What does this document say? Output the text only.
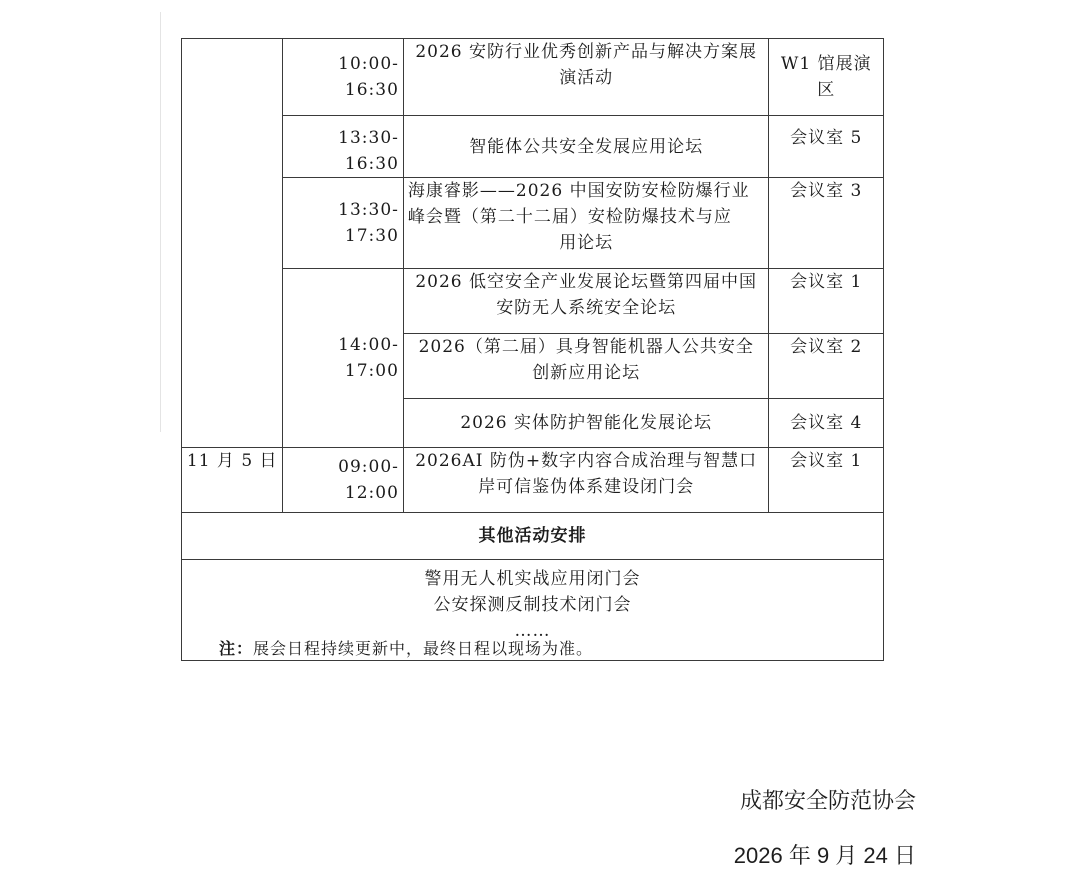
	10:00-16:30	2026 安防行业优秀创新产品与解决方案展
演活动	W1 馆展演区
	13:30-16:30	智能体公共安全发展应用论坛	会议室 5
	13:30-17:30	海康睿影——2026 中国安防安检防爆行业
峰会暨（第二十二届）安检防爆技术与应
用论坛	会议室 3
	14:00-17:00	2026 低空安全产业发展论坛暨第四届中国
安防无人系统安全论坛	会议室 1

		2026（第二届）具身智能机器人公共安全
创新应用论坛	会议室 2

		2026 实体防护智能化发展论坛	会议室 4
11 月 5 日	09:00-12:00	2026AI 防伪+数字内容合成治理与智慧口
岸可信鉴伪体系建设闭门会	会议室 1
其他活动安排			

警用无人机实战应用闭门会
公安探测反制技术闭门会
……			
注：展会日程持续更新中，最终日程以现场为准。
成都安全防范协会
2026 年 9 月 24 日
